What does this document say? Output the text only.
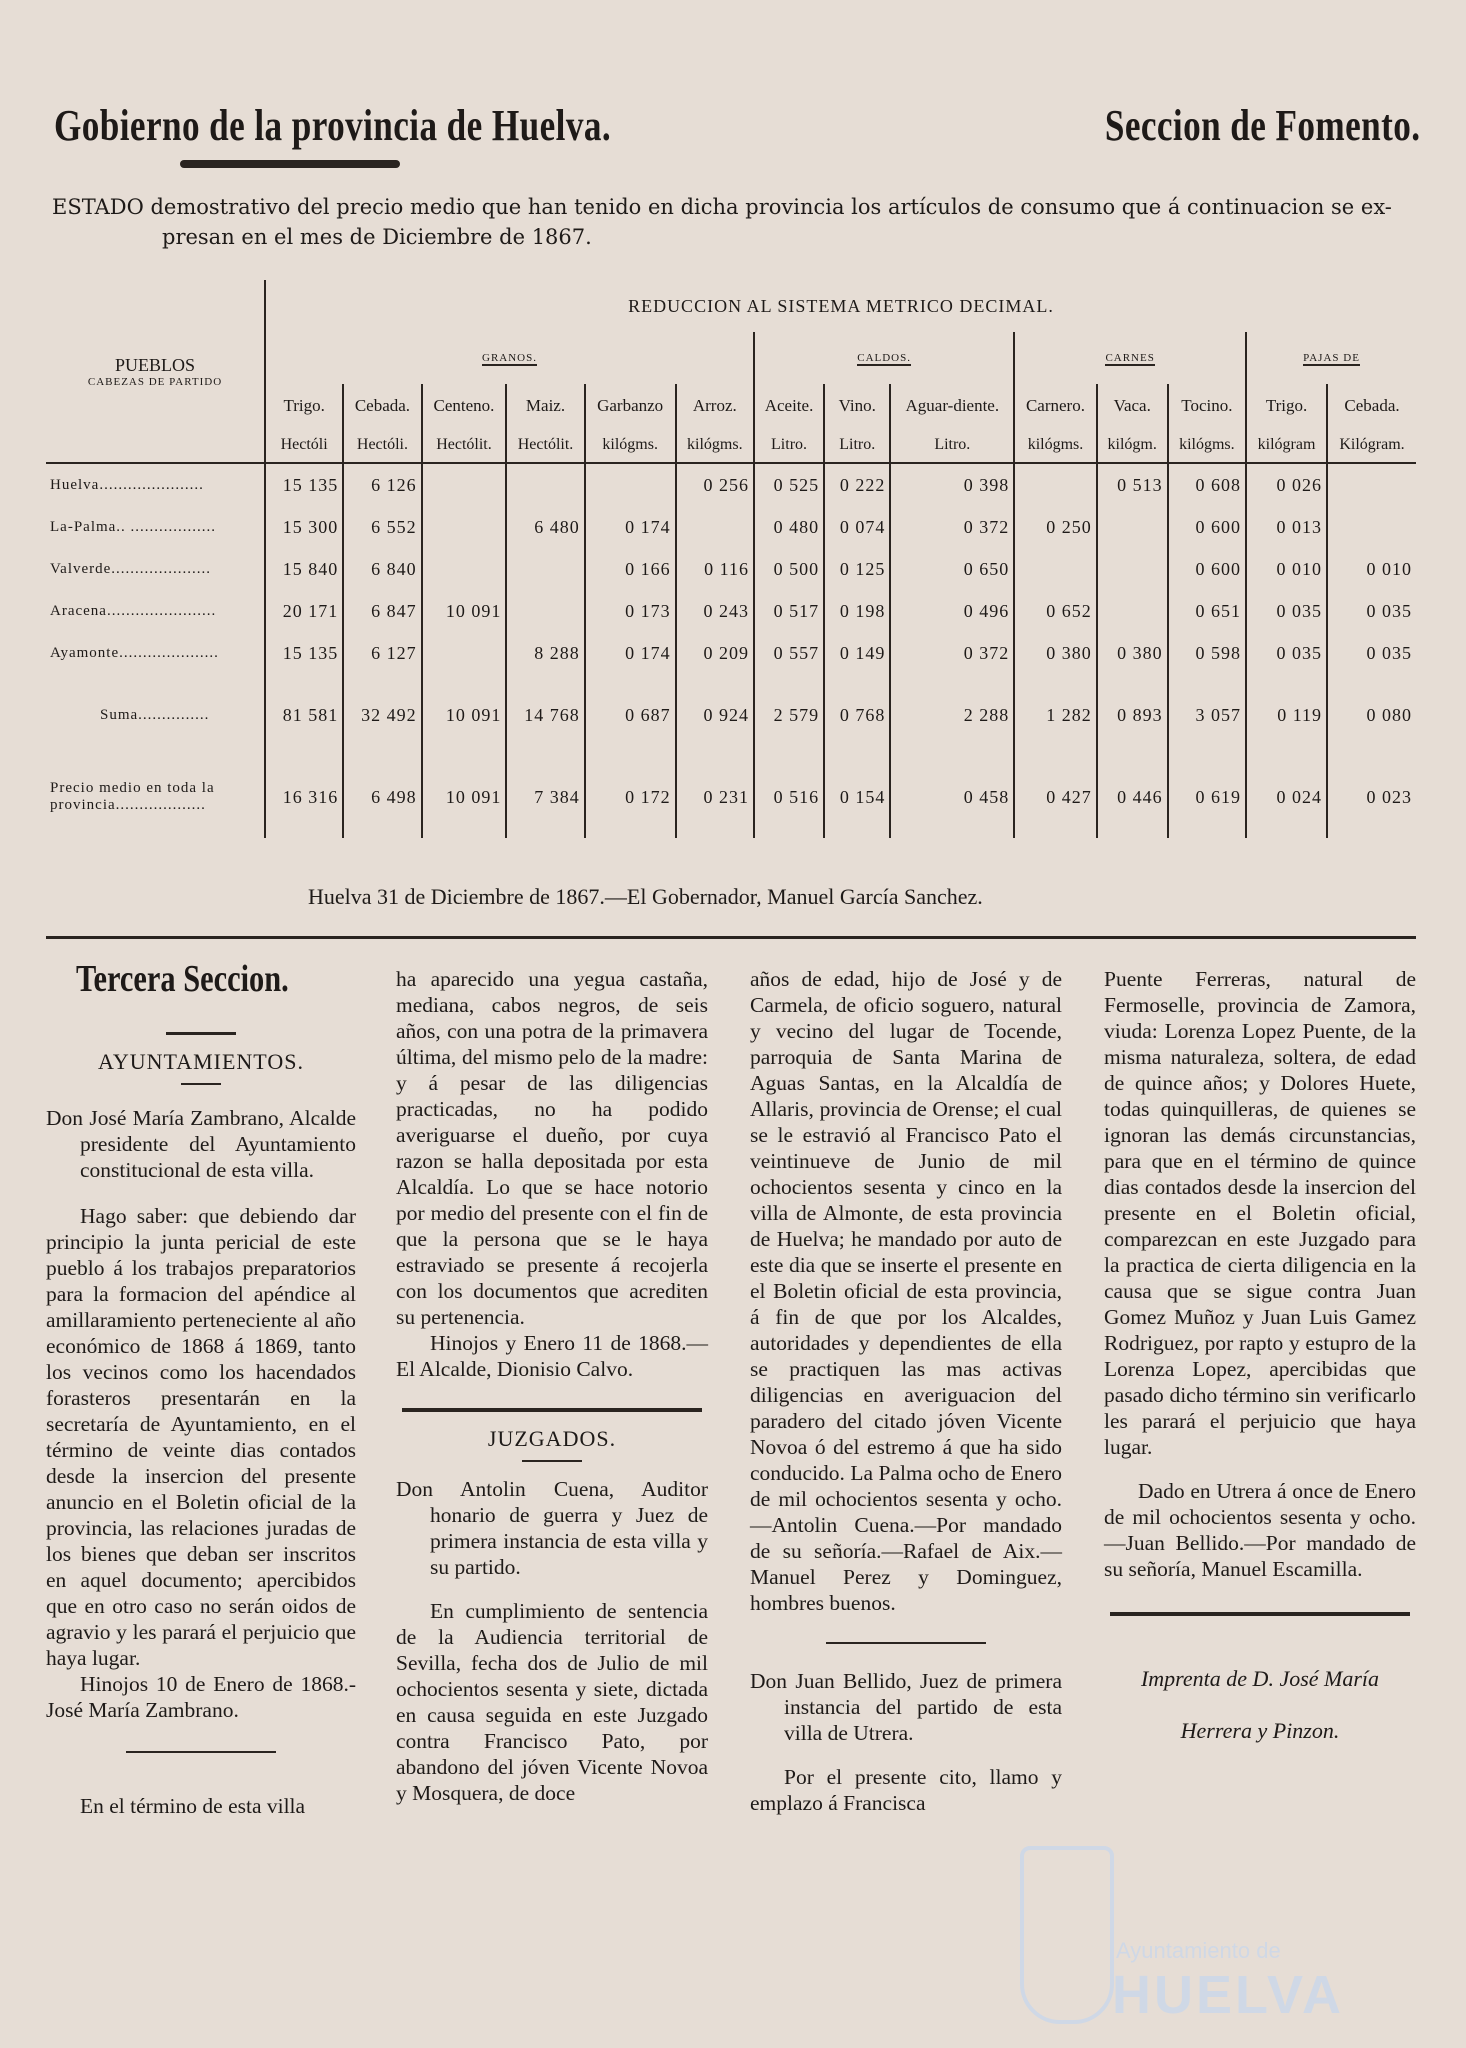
Gobierno de la provincia de Huelva.	Seccion de Fomento.
ESTADO demostrativo del precio medio que han tenido en dicha provincia los artículos de consumo que á continuacion se ex-
presan en el mes de Diciembre de 1867.
PUEBLOS
CABEZAS DE PARTIDO	REDUCCION AL SISTEMA METRICO DECIMAL.													
	GRANOS.						CALDOS.			CARNES			PAJAS DE	
	Trigo.	Cebada.	Centeno.	Maiz.	Garbanzo	Arroz.	Aceite.	Vino.	Aguar-diente.	Carnero.	Vaca.	Tocino.	Trigo.	Cebada.
	Hectóli	Hectóli.	Hectólit.	Hectólit.	kilógms.	kilógms.	Litro.	Litro.	Litro.	kilógms.	kilógm.	kilógms.	kilógram	Kilógram.
Huelva......................	15 135	6 126				0 256	0 525	0 222	0 398		0 513	0 608	0 026	
La-Palma.. ..................	15 300	6 552		6 480	0 174		0 480	0 074	0 372	0 250		0 600	0 013	
Valverde.....................	15 840	6 840			0 166	0 116	0 500	0 125	0 650			0 600	0 010	0 010
Aracena.......................	20 171	6 847	10 091		0 173	0 243	0 517	0 198	0 496	0 652		0 651	0 035	0 035
Ayamonte.....................	15 135	6 127		8 288	0 174	0 209	0 557	0 149	0 372	0 380	0 380	0 598	0 035	0 035
Suma...............	81 581	32 492	10 091	14 768	0 687	0 924	2 579	0 768	2 288	1 282	0 893	3 057	0 119	0 080

Precio medio en toda la
provincia...................	16 316	6 498	10 091	7 384	0 172	0 231	0 516	0 154	0 458	0 427	0 446	0 619	0 024	0 023
Huelva 31 de Diciembre de 1867.—El Gobernador, Manuel García Sanchez.
Tercera Seccion.

AYUNTAMIENTOS.

Don José María Zambrano, Alcalde presidente del Ayuntamiento constitucional de esta villa.

Hago saber: que debiendo dar principio la junta pericial de este pueblo á los trabajos preparatorios para la formacion del apéndice al amillaramiento perteneciente al año económico de 1868 á 1869, tanto los vecinos como los hacendados forasteros presentarán en la secretaría de Ayuntamiento, en el término de veinte dias contados desde la insercion del presente anuncio en el Boletin oficial de la provincia, las relaciones juradas de los bienes que deban ser inscritos en aquel documento; apercibidos que en otro caso no serán oidos de agravio y les parará el perjuicio que haya lugar.

Hinojos 10 de Enero de 1868.-José María Zambrano.

En el término de esta villa

ha aparecido una yegua castaña, mediana, cabos negros, de seis años, con una potra de la primavera última, del mismo pelo de la madre: y á pesar de las diligencias practicadas, no ha podido averiguarse el dueño, por cuya razon se halla depositada por esta Alcaldía. Lo que se hace notorio por medio del presente con el fin de que la persona que se le haya estraviado se presente á recojerla con los documentos que acrediten su pertenencia.

Hinojos y Enero 11 de 1868.—El Alcalde, Dionisio Calvo.

JUZGADOS.

Don Antolin Cuena, Auditor honario de guerra y Juez de primera instancia de esta villa y su partido.

En cumplimiento de sentencia de la Audiencia territorial de Sevilla, fecha dos de Julio de mil ochocientos sesenta y siete, dictada en causa seguida en este Juzgado contra Francisco Pato, por abandono del jóven Vicente Novoa y Mosquera, de doce

años de edad, hijo de José y de Carmela, de oficio soguero, natural y vecino del lugar de Tocende, parroquia de Santa Marina de Aguas Santas, en la Alcaldía de Allaris, provincia de Orense; el cual se le estravió al Francisco Pato el veintinueve de Junio de mil ochocientos sesenta y cinco en la villa de Almonte, de esta provincia de Huelva; he mandado por auto de este dia que se inserte el presente en el Boletin oficial de esta provincia, á fin de que por los Alcaldes, autoridades y dependientes de ella se practiquen las mas activas diligencias en averiguacion del paradero del citado jóven Vicente Novoa ó del estremo á que ha sido conducido. La Palma ocho de Enero de mil ochocientos sesenta y ocho.—Antolin Cuena.—Por mandado de su señoría.—Rafael de Aix.—Manuel Perez y Dominguez, hombres buenos.

Don Juan Bellido, Juez de primera instancia del partido de esta villa de Utrera.

Por el presente cito, llamo y emplazo á Francisca

Puente Ferreras, natural de Fermoselle, provincia de Zamora, viuda: Lorenza Lopez Puente, de la misma naturaleza, soltera, de edad de quince años; y Dolores Huete, todas quinquilleras, de quienes se ignoran las demás circunstancias, para que en el término de quince dias contados desde la insercion del presente en el Boletin oficial, comparezcan en este Juzgado para la practica de cierta diligencia en la causa que se sigue contra Juan Gomez Muñoz y Juan Luis Gamez Rodriguez, por rapto y estupro de la Lorenza Lopez, apercibidas que pasado dicho término sin verificarlo les parará el perjuicio que haya lugar.

Dado en Utrera á once de Enero de mil ochocientos sesenta y ocho.—Juan Bellido.—Por mandado de su señoría, Manuel Escamilla.

Imprenta de D. José María

Herrera y Pinzon.

Ayuntamiento de
HUELVA
